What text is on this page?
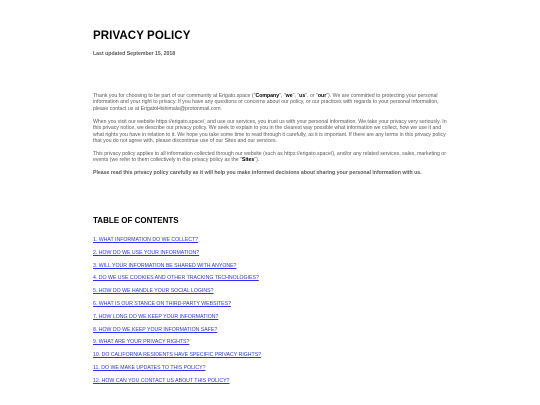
PRIVACY POLICY

Last updated September 15, 2018

Thank you for choosing to be part of our community at Erigato.space ("Company", "we", "us", or "our"). We are committed to protecting your personal information and your right to privacy. If you have any questions or concerns about our policy, or our practices with regards to your personal information, please contact us at ErigatoHishimala@protonmail.com.

When you visit our website https://erigato.space/, and use our services, you trust us with your personal information. We take your privacy very seriously. In this privacy notice, we describe our privacy policy. We seek to explain to you in the clearest way possible what information we collect, how we use it and what rights you have in relation to it. We hope you take some time to read through it carefully, as it is important. If there are any terms in this privacy policy that you do not agree with, please discontinue use of our Sites and our services.

This privacy policy applies to all information collected through our website (such as https://erigato.space/), and/or any related services, sales, marketing or events (we refer to them collectively in this privacy policy as the "Sites").

Please read this privacy policy carefully as it will help you make informed decisions about sharing your personal information with us.

TABLE OF CONTENTS
1. WHAT INFORMATION DO WE COLLECT?
2. HOW DO WE USE YOUR INFORMATION?
3. WILL YOUR INFORMATION BE SHARED WITH ANYONE?
4. DO WE USE COOKIES AND OTHER TRACKING TECHNOLOGIES?
5. HOW DO WE HANDLE YOUR SOCIAL LOGINS?
6. WHAT IS OUR STANCE ON THIRD-PARTY WEBSITES?
7. HOW LONG DO WE KEEP YOUR INFORMATION?
8. HOW DO WE KEEP YOUR INFORMATION SAFE?
9. WHAT ARE YOUR PRIVACY RIGHTS?
10. DO CALIFORNIA RESIDENTS HAVE SPECIFIC PRIVACY RIGHTS?
11. DO WE MAKE UPDATES TO THIS POLICY?
12. HOW CAN YOU CONTACT US ABOUT THIS POLICY?
